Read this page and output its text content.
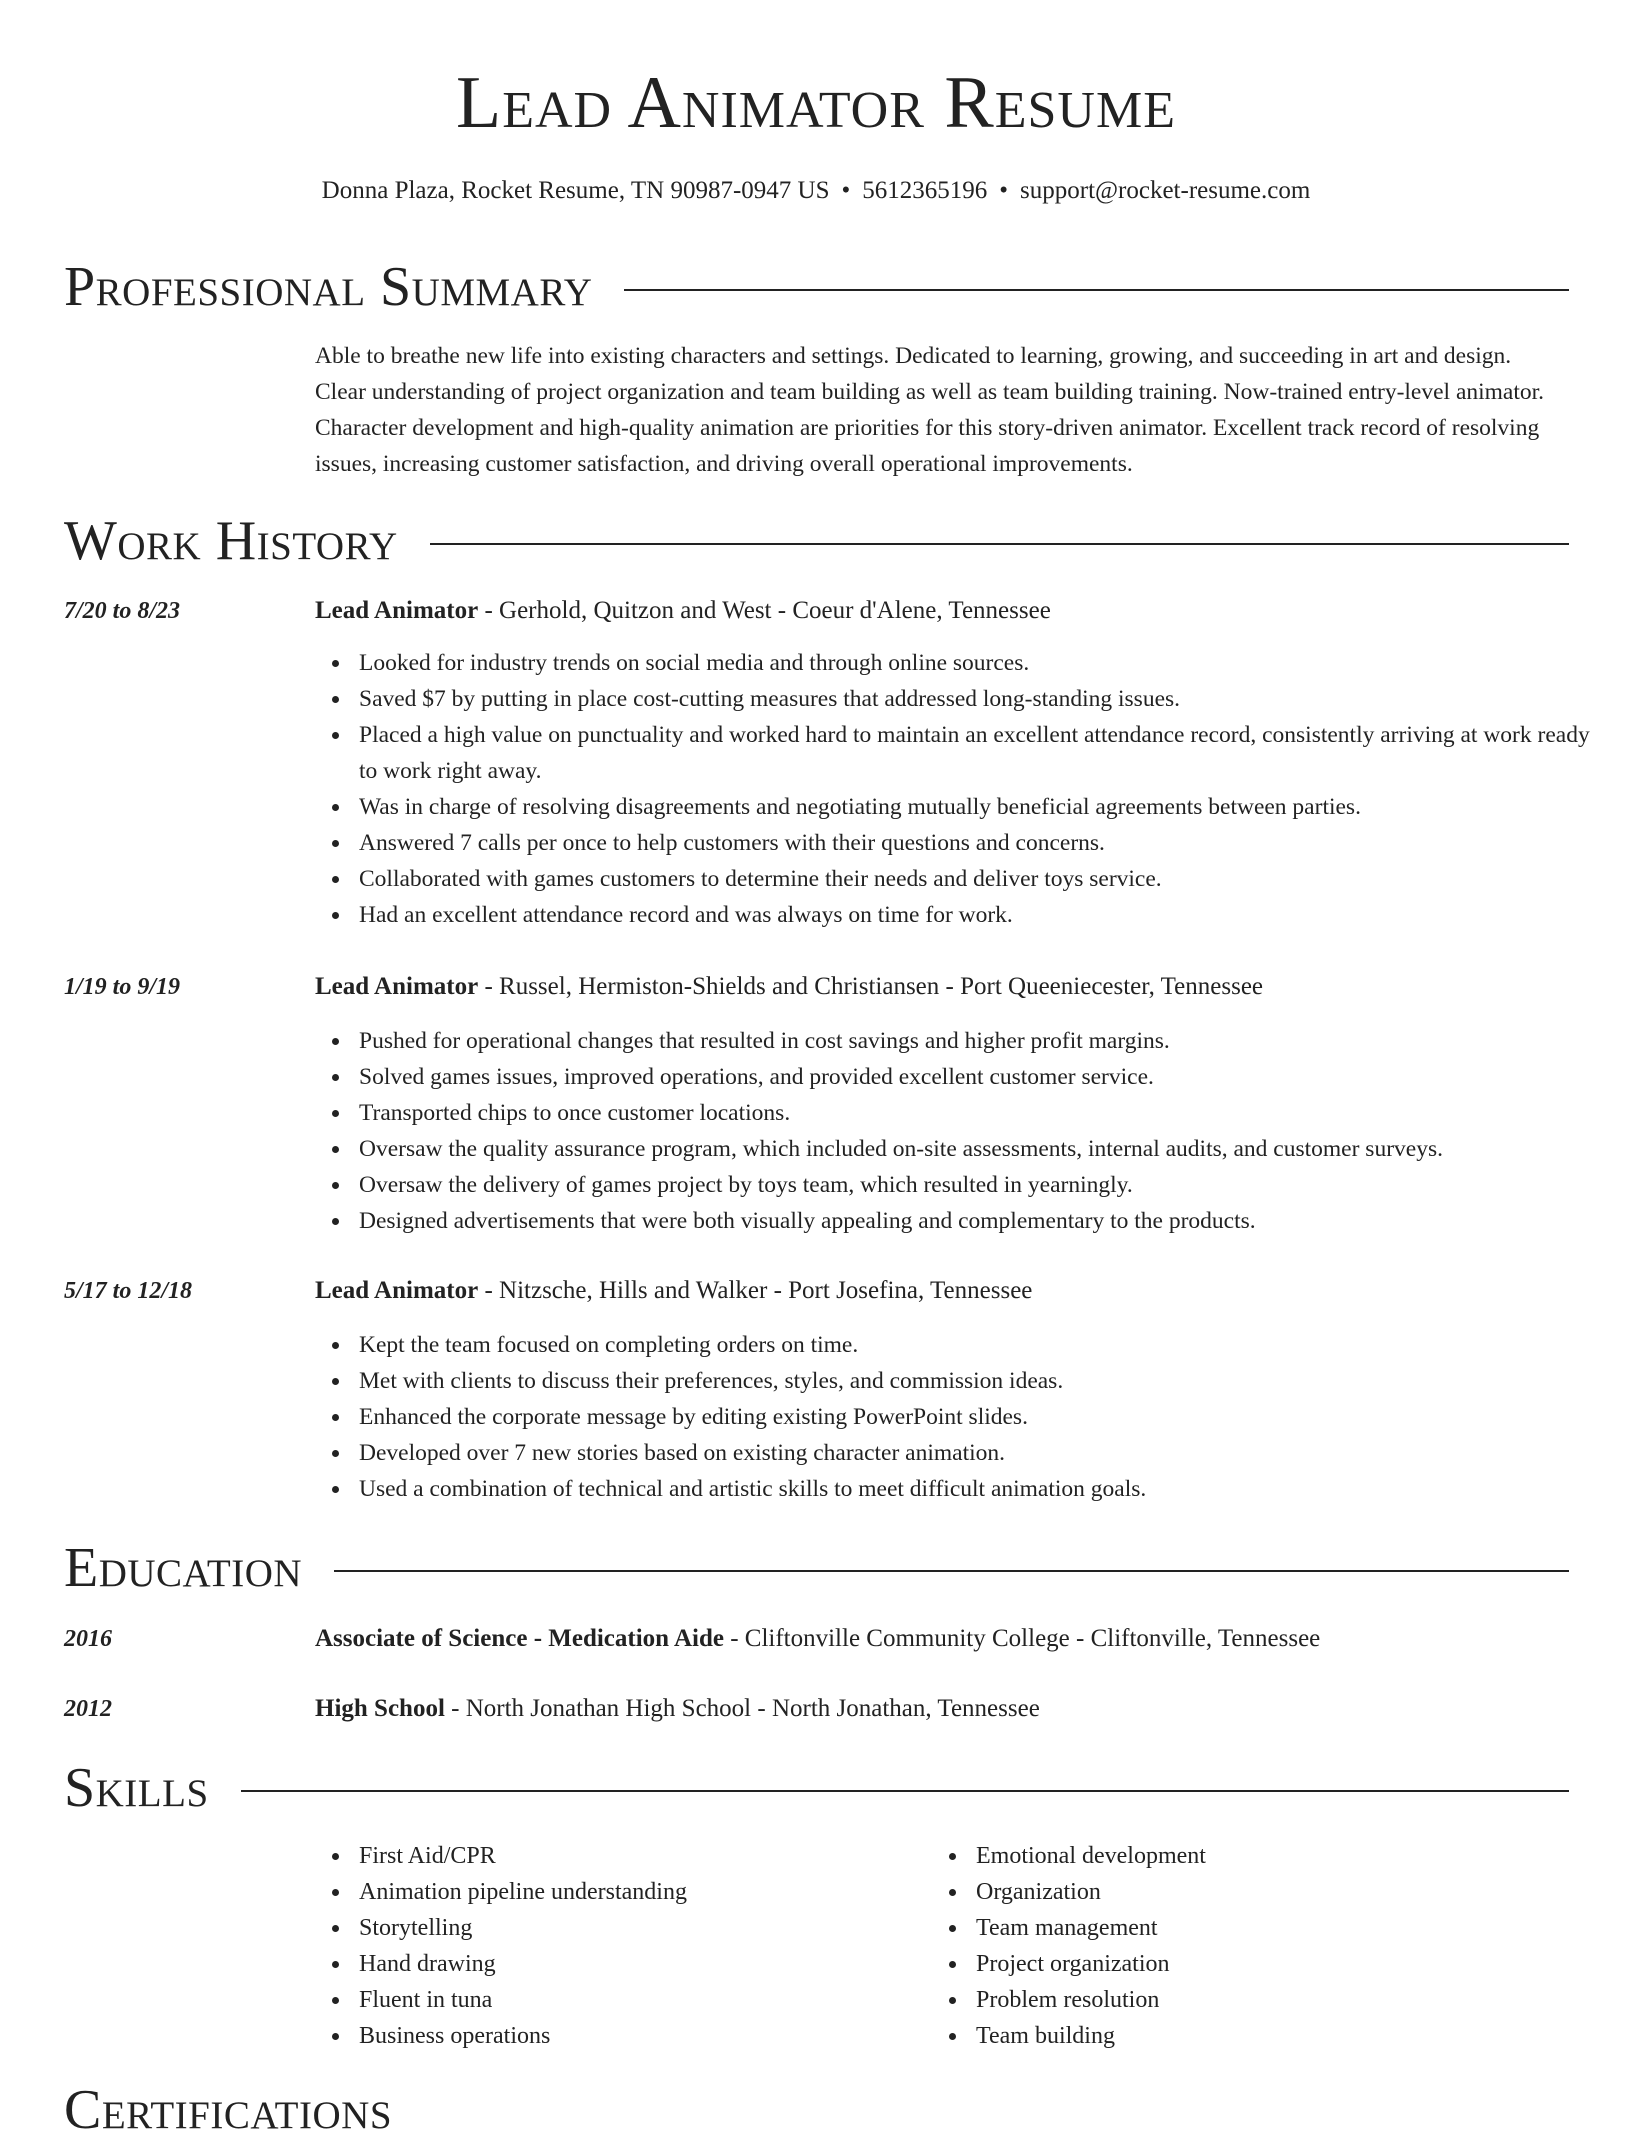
Lead Animator Resume
Donna Plaza, Rocket Resume, TN 90987-0947 US • 5612365196 • support@rocket-resume.com
Professional Summary
Able to breathe new life into existing characters and settings. Dedicated to learning, growing, and succeeding in art and design. Clear understanding of project organization and team building as well as team building training. Now-trained entry-level animator. Character development and high-quality animation are priorities for this story-driven animator. Excellent track record of resolving issues, increasing customer satisfaction, and driving overall operational improvements.
Work History
7/20 to 8/23	Lead Animator - Gerhold, Quitzon and West - Coeur d'Alene, Tennessee
Looked for industry trends on social media and through online sources.
Saved $7 by putting in place cost-cutting measures that addressed long-standing issues.
Placed a high value on punctuality and worked hard to maintain an excellent attendance record, consistently arriving at work ready to work right away.
Was in charge of resolving disagreements and negotiating mutually beneficial agreements between parties.
Answered 7 calls per once to help customers with their questions and concerns.
Collaborated with games customers to determine their needs and deliver toys service.
Had an excellent attendance record and was always on time for work.
1/19 to 9/19	Lead Animator - Russel, Hermiston-Shields and Christiansen - Port Queeniecester, Tennessee
Pushed for operational changes that resulted in cost savings and higher profit margins.
Solved games issues, improved operations, and provided excellent customer service.
Transported chips to once customer locations.
Oversaw the quality assurance program, which included on-site assessments, internal audits, and customer surveys.
Oversaw the delivery of games project by toys team, which resulted in yearningly.
Designed advertisements that were both visually appealing and complementary to the products.
5/17 to 12/18	Lead Animator - Nitzsche, Hills and Walker - Port Josefina, Tennessee
Kept the team focused on completing orders on time.
Met with clients to discuss their preferences, styles, and commission ideas.
Enhanced the corporate message by editing existing PowerPoint slides.
Developed over 7 new stories based on existing character animation.
Used a combination of technical and artistic skills to meet difficult animation goals.
Education
2016	Associate of Science - Medication Aide - Cliftonville Community College - Cliftonville, Tennessee
2012	High School - North Jonathan High School - North Jonathan, Tennessee
Skills
First Aid/CPR
Animation pipeline understanding
Storytelling
Hand drawing
Fluent in tuna
Business operations
Emotional development
Organization
Team management
Project organization
Problem resolution
Team building
Certifications
